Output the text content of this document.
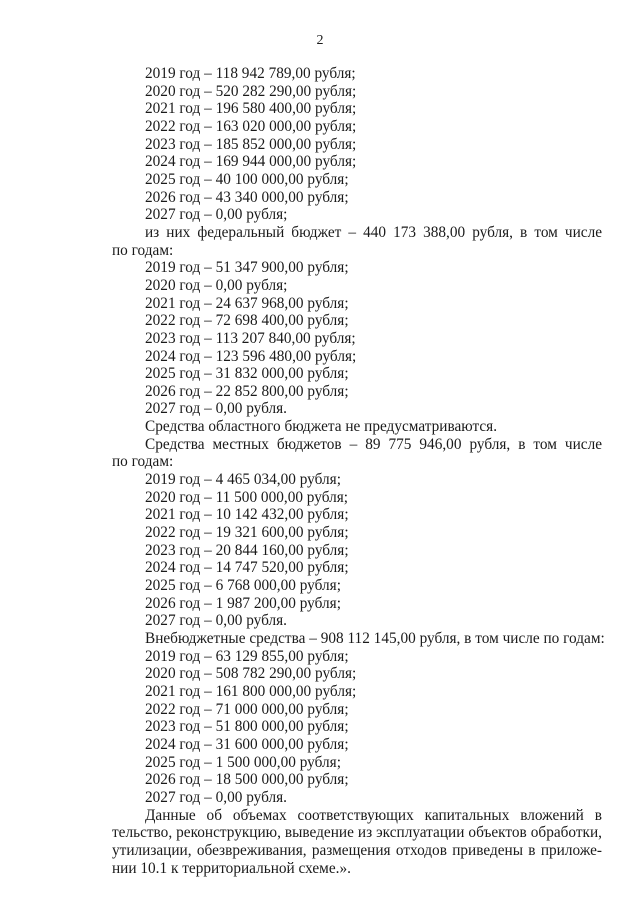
2
2019 год – 118 942 789,00 рубля;
2020 год – 520 282 290,00 рубля;
2021 год – 196 580 400,00 рубля;
2022 год – 163 020 000,00 рубля;
2023 год – 185 852 000,00 рубля;
2024 год – 169 944 000,00 рубля;
2025 год – 40 100 000,00 рубля;
2026 год – 43 340 000,00 рубля;
2027 год – 0,00 рубля;
из них федеральный бюджет – 440 173 388,00 рубля, в том числе
по годам:
2019 год – 51 347 900,00 рубля;
2020 год – 0,00 рубля;
2021 год – 24 637 968,00 рубля;
2022 год – 72 698 400,00 рубля;
2023 год – 113 207 840,00 рубля;
2024 год – 123 596 480,00 рубля;
2025 год – 31 832 000,00 рубля;
2026 год – 22 852 800,00 рубля;
2027 год – 0,00 рубля.
Средства областного бюджета не предусматриваются.
Средства местных бюджетов – 89 775 946,00 рубля, в том числе
по годам:
2019 год – 4 465 034,00 рубля;
2020 год – 11 500 000,00 рубля;
2021 год – 10 142 432,00 рубля;
2022 год – 19 321 600,00 рубля;
2023 год – 20 844 160,00 рубля;
2024 год – 14 747 520,00 рубля;
2025 год – 6 768 000,00 рубля;
2026 год – 1 987 200,00 рубля;
2027 год – 0,00 рубля.
Внебюджетные средства – 908 112 145,00 рубля, в том числе по годам:
2019 год – 63 129 855,00 рубля;
2020 год – 508 782 290,00 рубля;
2021 год – 161 800 000,00 рубля;
2022 год – 71 000 000,00 рубля;
2023 год – 51 800 000,00 рубля;
2024 год – 31 600 000,00 рубля;
2025 год – 1 500 000,00 рубля;
2026 год – 18 500 000,00 рубля;
2027 год – 0,00 рубля.
Данные об объемах соответствующих капитальных вложений в
тельство, реконструкцию, выведение из эксплуатации объектов обработки,
утилизации, обезвреживания, размещения отходов приведены в приложе-
нии 10.1 к территориальной схеме.».
